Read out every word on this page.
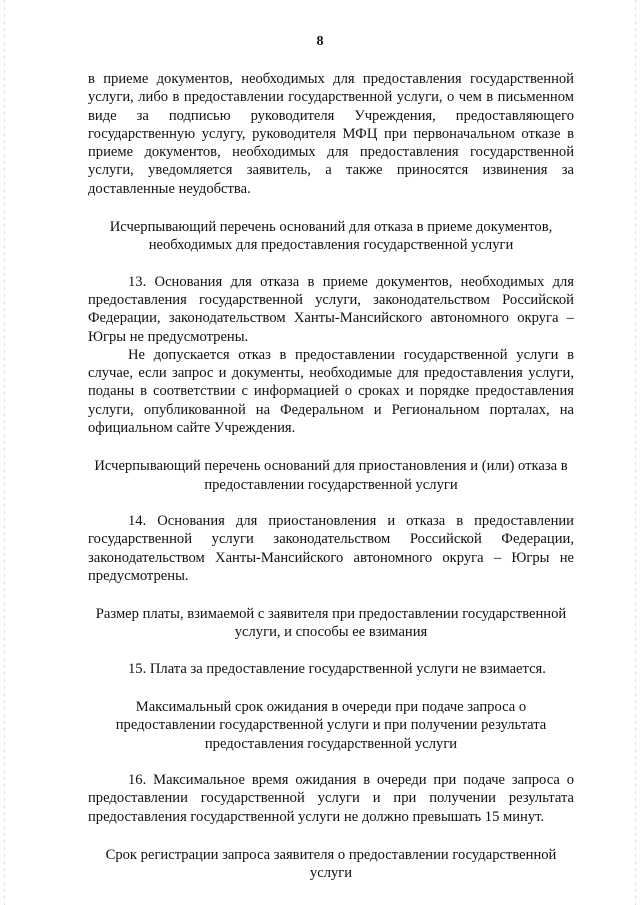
8

в приеме документов, необходимых для предоставления государственной услуги, либо в предоставлении государственной услуги, о чем в письменном виде за подписью руководителя Учреждения, предоставляющего государственную услугу, руководителя МФЦ при первоначальном отказе в приеме документов, необходимых для предоставления государственной услуги, уведомляется заявитель, а также приносятся извинения за доставленные неудобства.

Исчерпывающий перечень оснований для отказа в приеме документов, необходимых для предоставления государственной услуги

13. Основания для отказа в приеме документов, необходимых для предоставления государственной услуги, законодательством Российской Федерации, законодательством Ханты-Мансийского автономного округа – Югры не предусмотрены.

Не допускается отказ в предоставлении государственной услуги в случае, если запрос и документы, необходимые для предоставления услуги, поданы в соответствии с информацией о сроках и порядке предоставления услуги, опубликованной на Федеральном и Региональном порталах, на официальном сайте Учреждения.

Исчерпывающий перечень оснований для приостановления и (или) отказа в предоставлении государственной услуги

14. Основания для приостановления и отказа в предоставлении государственной услуги законодательством Российской Федерации, законодательством Ханты-Мансийского автономного округа – Югры не предусмотрены.

Размер платы, взимаемой с заявителя при предоставлении государственной услуги, и способы ее взимания

15. Плата за предоставление государственной услуги не взимается.

Максимальный срок ожидания в очереди при подаче запроса о предоставлении государственной услуги и при получении результата предоставления государственной услуги

16. Максимальное время ожидания в очереди при подаче запроса о предоставлении государственной услуги и при получении результата предоставления государственной услуги не должно превышать 15 минут.

Срок регистрации запроса заявителя о предоставлении государственной услуги
